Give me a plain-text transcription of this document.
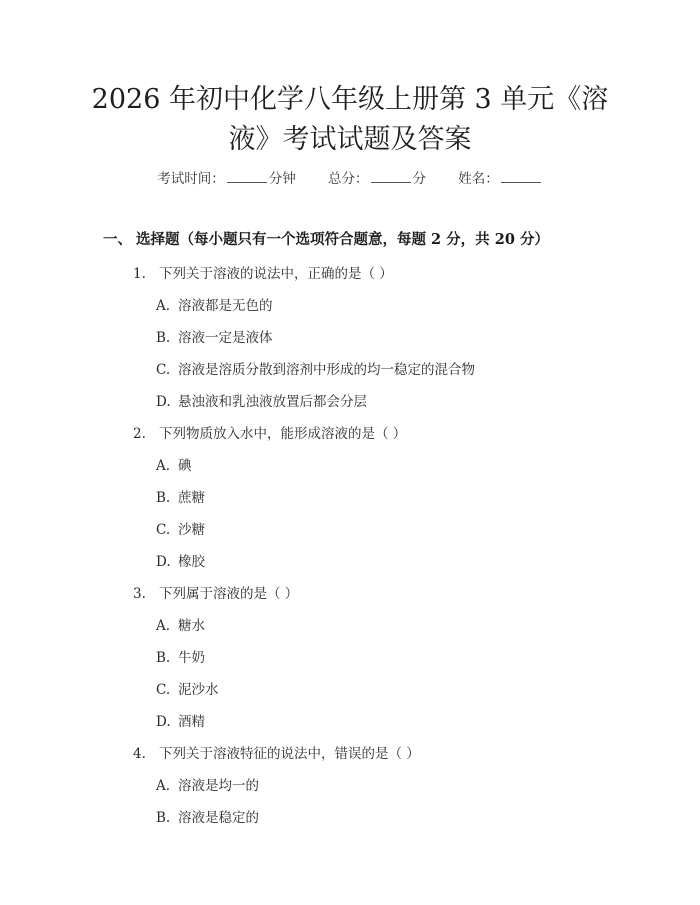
2026 年初中化学八年级上册第 3 单元《溶
液》考试试题及答案
考试时间：	分钟 总分：	分 姓名：
一、 选择题（每小题只有一个选项符合题意，每题 2 分，共 20 分）
1. 下列关于溶液的说法中，正确的是（ ）
A. 溶液都是无色的
B. 溶液一定是液体
C. 溶液是溶质分散到溶剂中形成的均一稳定的混合物
D. 悬浊液和乳浊液放置后都会分层
2. 下列物质放入水中，能形成溶液的是（ ）
A. 碘
B. 蔗糖
C. 沙糖
D. 橡胶
3. 下列属于溶液的是（ ）
A. 糖水
B. 牛奶
C. 泥沙水
D. 酒精
4. 下列关于溶液特征的说法中，错误的是（ ）
A. 溶液是均一的
B. 溶液是稳定的
